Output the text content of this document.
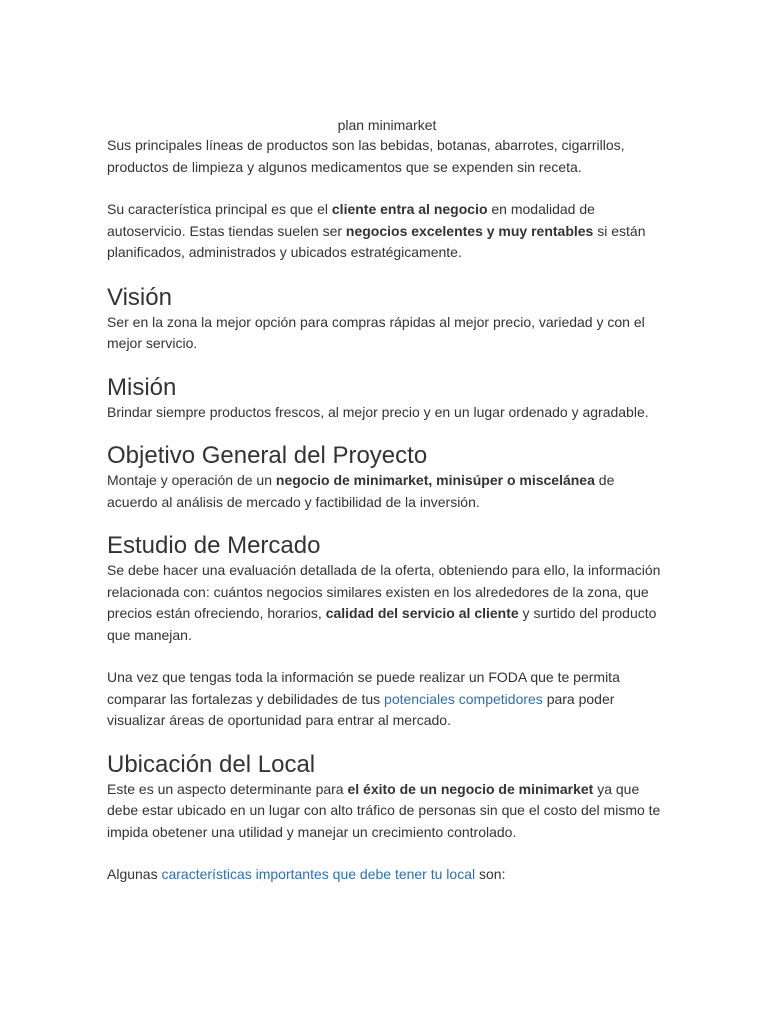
plan minimarket

Sus principales líneas de productos son las bebidas, botanas, abarrotes, cigarrillos, productos de limpieza y algunos medicamentos que se expenden sin receta.

Su característica principal es que el cliente entra al negocio en modalidad de autoservicio. Estas tiendas suelen ser negocios excelentes y muy rentables si están planificados, administrados y ubicados estratégicamente.

Visión

Ser en la zona la mejor opción para compras rápidas al mejor precio, variedad y con el mejor servicio.

Misión

Brindar siempre productos frescos, al mejor precio y en un lugar ordenado y agradable.

Objetivo General del Proyecto

Montaje y operación de un negocio de minimarket, minisúper o miscelánea de acuerdo al análisis de mercado y factibilidad de la inversión.

Estudio de Mercado

Se debe hacer una evaluación detallada de la oferta, obteniendo para ello, la información relacionada con: cuántos negocios similares existen en los alrededores de la zona, que precios están ofreciendo, horarios, calidad del servicio al cliente y surtido del producto que manejan.

Una vez que tengas toda la información se puede realizar un FODA que te permita comparar las fortalezas y debilidades de tus potenciales competidores para poder visualizar áreas de oportunidad para entrar al mercado.

Ubicación del Local

Este es un aspecto determinante para el éxito de un negocio de minimarket ya que debe estar ubicado en un lugar con alto tráfico de personas sin que el costo del mismo te impida obetener una utilidad y manejar un crecimiento controlado.

Algunas características importantes que debe tener tu local son:
